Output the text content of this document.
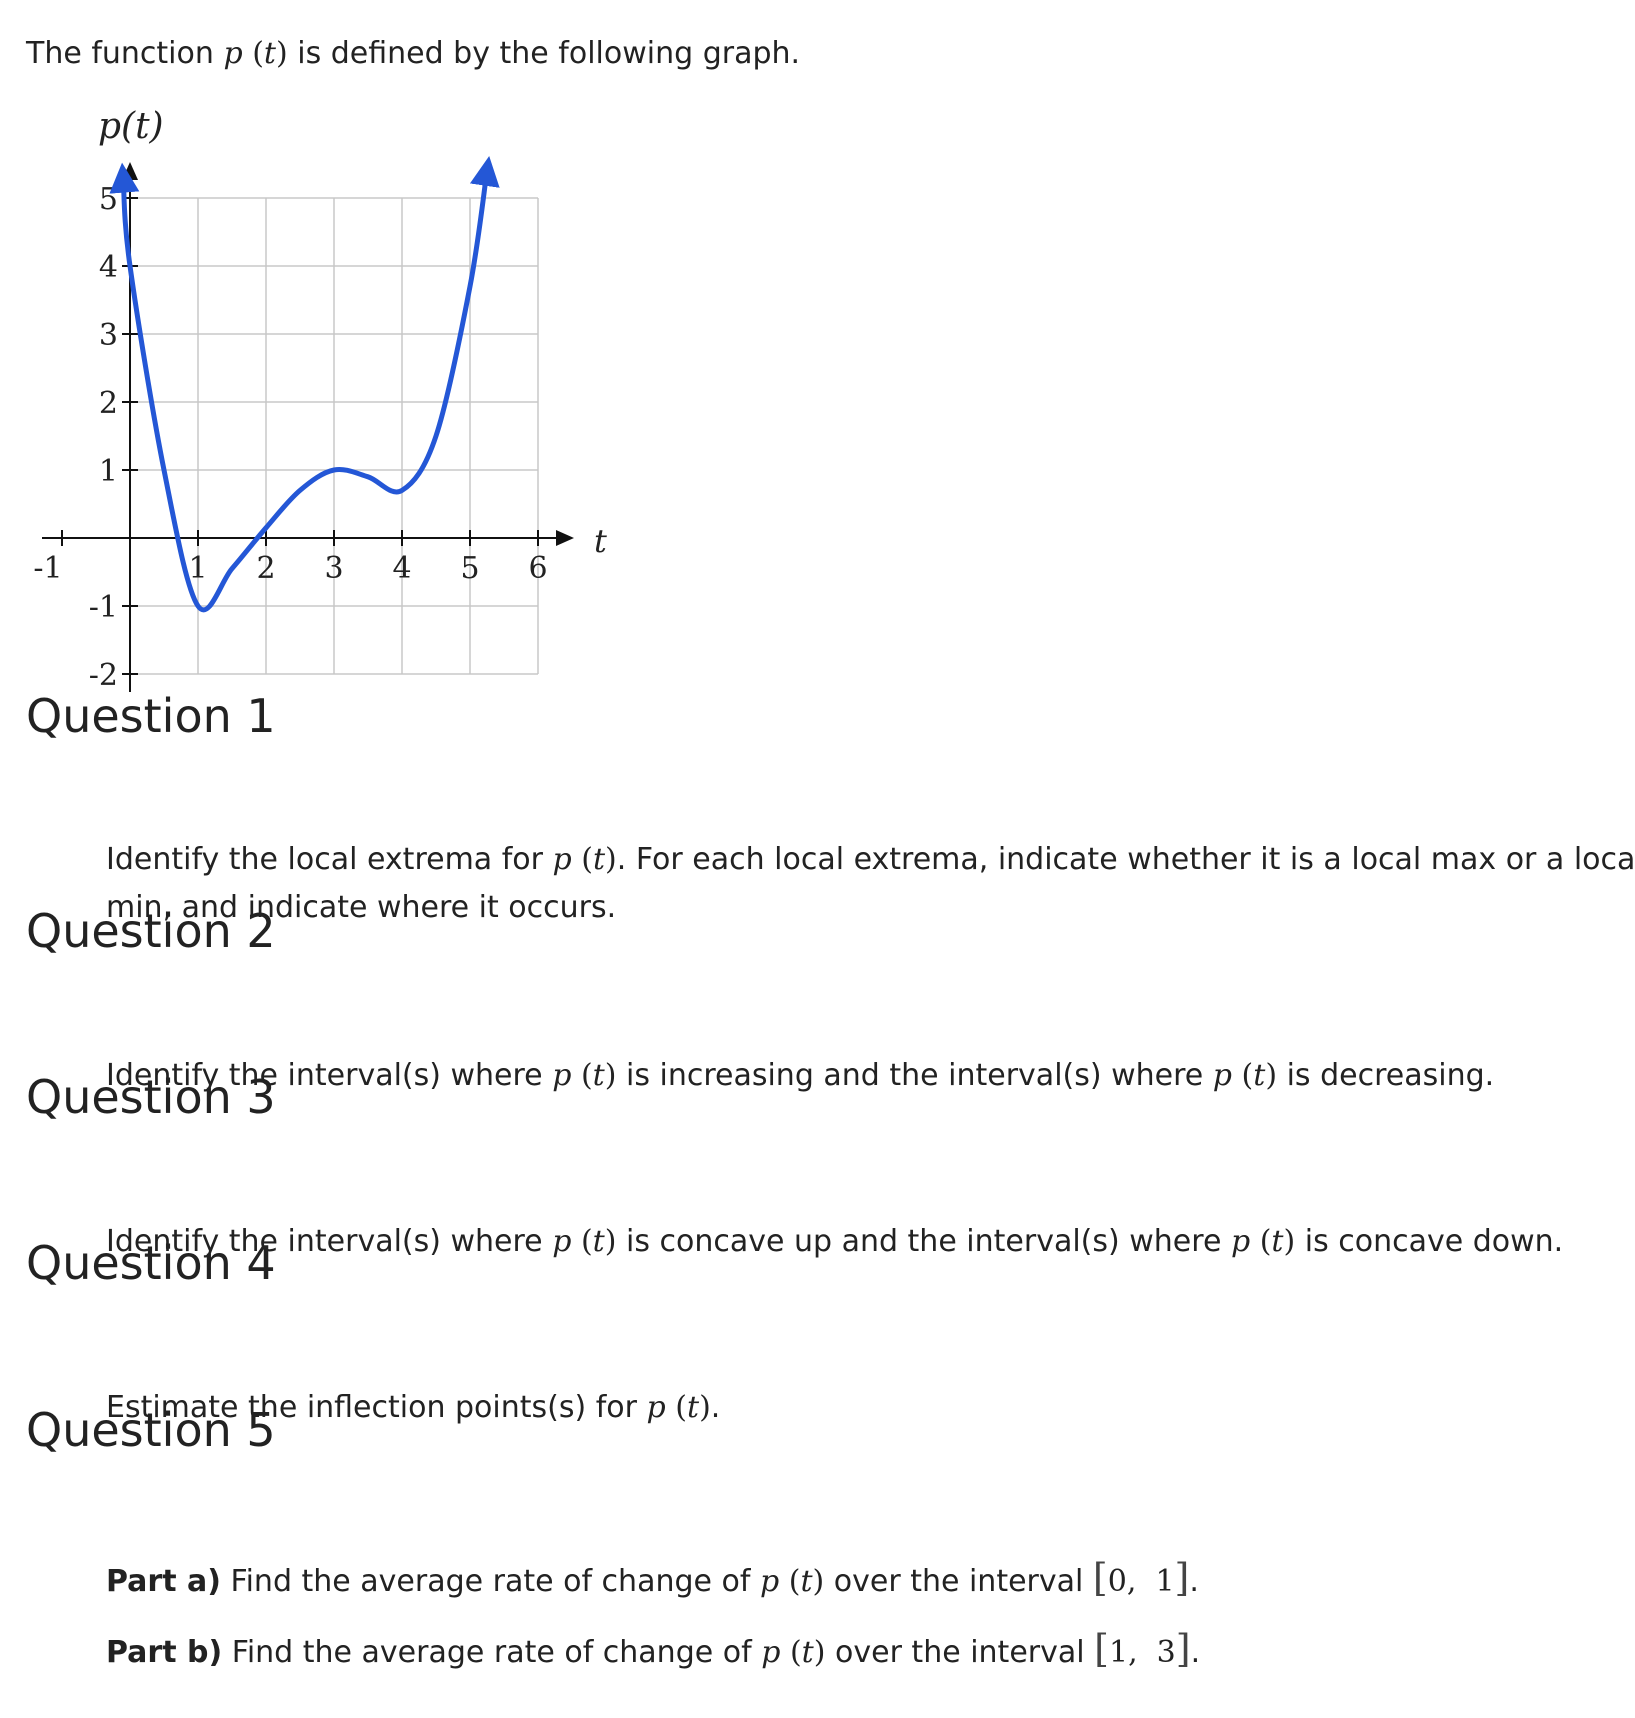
The function p (t) is defined by the following graph.
-1	1 2 3 4 5 6
5
4
3
2
1
-1
-2
p(t)
t
Question 1
Identify the local extrema for p (t). For each local extrema, indicate whether it is a local max or a loca
min, and indicate where it occurs.
Question 2
Identify the interval(s) where p (t) is increasing and the interval(s) where p (t) is decreasing.
Question 3
Identify the interval(s) where p (t) is concave up and the interval(s) where p (t) is concave down.
Question 4
Estimate the inflection points(s) for p (t).
Question 5
Part a) Find the average rate of change of p (t) over the interval [0,  1].
Part b) Find the average rate of change of p (t) over the interval [1,  3].
